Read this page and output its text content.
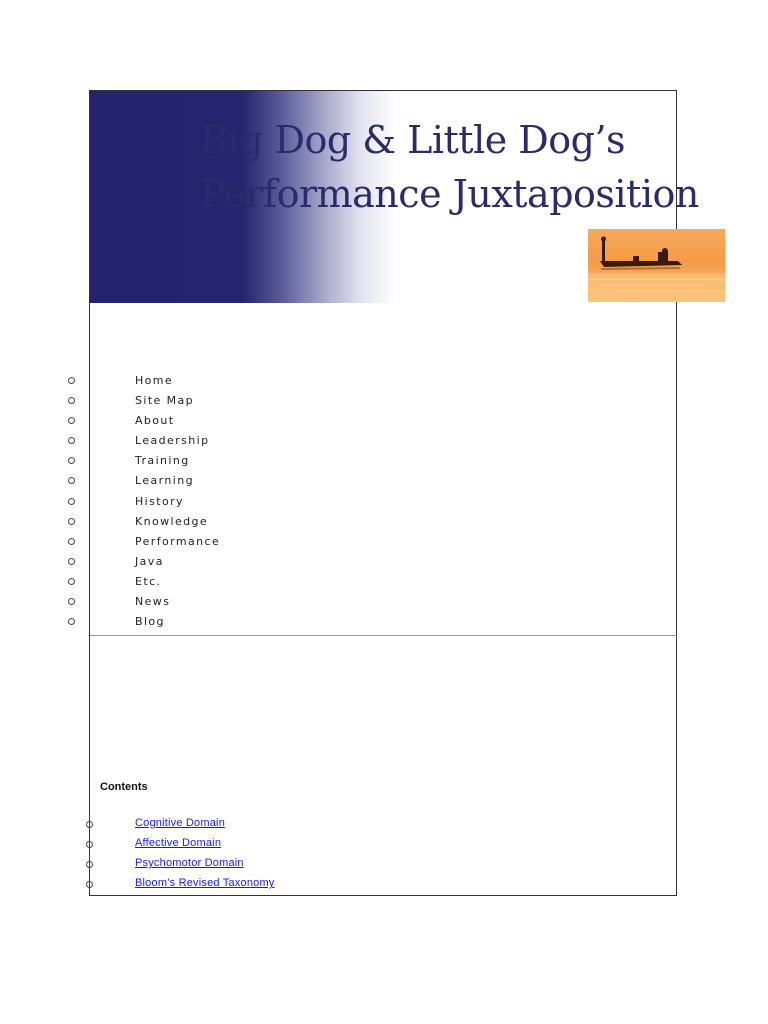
Big Dog & Little Dog’s
Performance Juxtaposition
Home
Site Map
About
Leadership
Training
Learning
History
Knowledge
Performance
Java
Etc.
News
Blog
Contents
Cognitive Domain
Affective Domain
Psychomotor Domain
Bloom’s Revised Taxonomy
